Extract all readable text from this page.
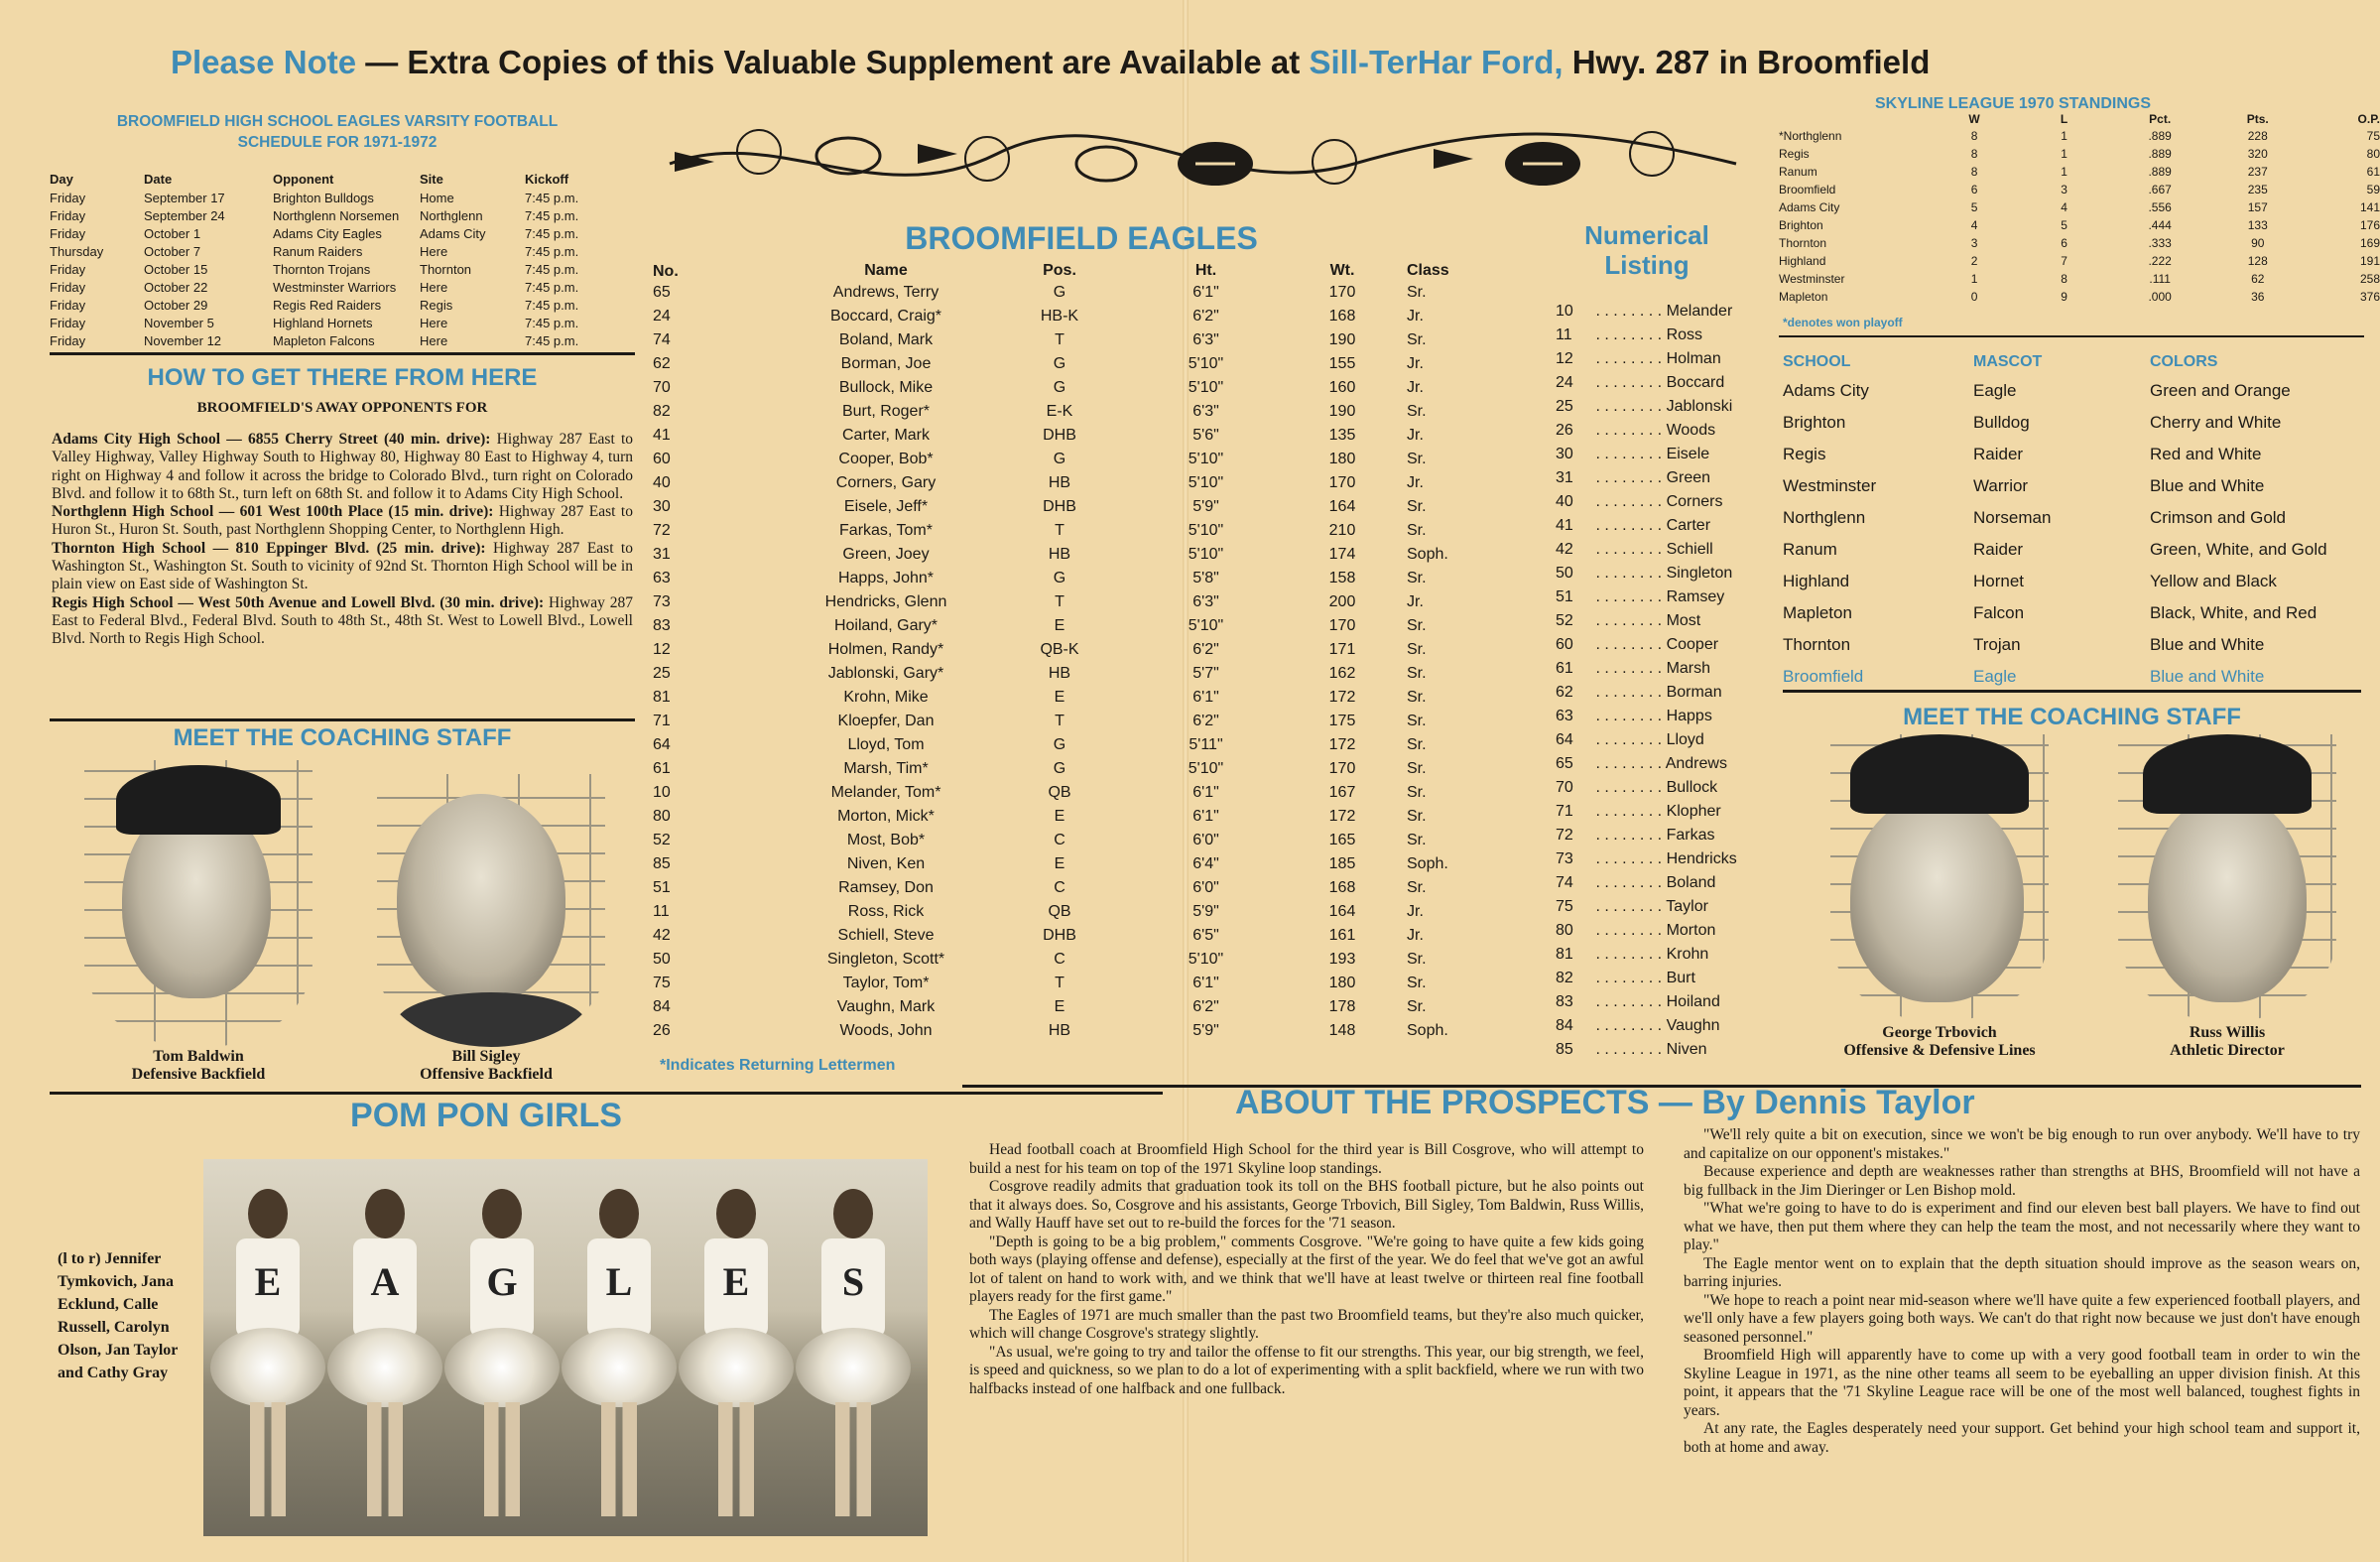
Please Note — Extra Copies of this Valuable Supplement are Available at Sill-TerHar Ford, Hwy. 287 in Broomfield
BROOMFIELD HIGH SCHOOL EAGLES VARSITY FOOTBALL
SCHEDULE FOR 1971-1972
Day	Date	Opponent	Site	Kickoff
Friday	September 17	Brighton Bulldogs	Home	7:45 p.m.
Friday	September 24	Northglenn Norsemen	Northglenn	7:45 p.m.
Friday	October 1	Adams City Eagles	Adams City	7:45 p.m.
Thursday	October 7	Ranum Raiders	Here	7:45 p.m.
Friday	October 15	Thornton Trojans	Thornton	7:45 p.m.
Friday	October 22	Westminster Warriors	Here	7:45 p.m.
Friday	October 29	Regis Red Raiders	Regis	7:45 p.m.
Friday	November 5	Highland Hornets	Here	7:45 p.m.
Friday	November 12	Mapleton Falcons	Here	7:45 p.m.
HOW TO GET THERE FROM HERE
BROOMFIELD'S AWAY OPPONENTS FOR
Adams City High School — 6855 Cherry Street (40 min. drive): Highway 287 East to Valley Highway, Valley Highway South to Highway 80, Highway 80 East to Highway 4, turn right on Highway 4 and follow it across the bridge to Colorado Blvd., turn right on Colorado Blvd. and follow it to 68th St., turn left on 68th St. and follow it to Adams City High School.
Northglenn High School — 601 West 100th Place (15 min. drive): Highway 287 East to Huron St., Huron St. South, past Northglenn Shopping Center, to Northglenn High.
Thornton High School — 810 Eppinger Blvd. (25 min. drive): Highway 287 East to Washington St., Washington St. South to vicinity of 92nd St. Thornton High School will be in plain view on East side of Washington St.
Regis High School — West 50th Avenue and Lowell Blvd. (30 min. drive): Highway 287 East to Federal Blvd., Federal Blvd. South to 48th St., 48th St. West to Lowell Blvd., Lowell Blvd. North to Regis High School.
MEET THE COACHING STAFF
Tom Baldwin
Defensive Backfield
Bill Sigley
Offensive Backfield
POM PON GIRLS
(l to r) Jennifer Tymkovich, Jana Ecklund, Calle Russell, Carolyn Olson, Jan Taylor and Cathy Gray
E	A	G	L	E	S
BROOMFIELD EAGLES
No.	Name	Pos.	Ht.	Wt.	Class
65	Andrews, Terry	G	6'1"	170	Sr.
24	Boccard, Craig*	HB-K	6'2"	168	Jr.
74	Boland, Mark	T	6'3"	190	Sr.
62	Borman, Joe	G	5'10"	155	Jr.
70	Bullock, Mike	G	5'10"	160	Jr.
82	Burt, Roger*	E-K	6'3"	190	Sr.
41	Carter, Mark	DHB	5'6"	135	Jr.
60	Cooper, Bob*	G	5'10"	180	Sr.
40	Corners, Gary	HB	5'10"	170	Jr.
30	Eisele, Jeff*	DHB	5'9"	164	Sr.
72	Farkas, Tom*	T	5'10"	210	Sr.
31	Green, Joey	HB	5'10"	174	Soph.
63	Happs, John*	G	5'8"	158	Sr.
73	Hendricks, Glenn	T	6'3"	200	Jr.
83	Hoiland, Gary*	E	5'10"	170	Sr.
12	Holmen, Randy*	QB-K	6'2"	171	Sr.
25	Jablonski, Gary*	HB	5'7"	162	Sr.
81	Krohn, Mike	E	6'1"	172	Sr.
71	Kloepfer, Dan	T	6'2"	175	Sr.
64	Lloyd, Tom	G	5'11"	172	Sr.
61	Marsh, Tim*	G	5'10"	170	Sr.
10	Melander, Tom*	QB	6'1"	167	Sr.
80	Morton, Mick*	E	6'1"	172	Sr.
52	Most, Bob*	C	6'0"	165	Sr.
85	Niven, Ken	E	6'4"	185	Soph.
51	Ramsey, Don	C	6'0"	168	Sr.
11	Ross, Rick	QB	5'9"	164	Jr.
42	Schiell, Steve	DHB	6'5"	161	Jr.
50	Singleton, Scott*	C	5'10"	193	Sr.
75	Taylor, Tom*	T	6'1"	180	Sr.
84	Vaughn, Mark	E	6'2"	178	Sr.
26	Woods, John	HB	5'9"	148	Soph.
*Indicates Returning Lettermen
Numerical
Listing
10 . . . . . . . . Melander
11 . . . . . . . . Ross
12 . . . . . . . . Holman
24 . . . . . . . . Boccard
25 . . . . . . . . Jablonski
26 . . . . . . . . Woods
30 . . . . . . . . Eisele
31 . . . . . . . . Green
40 . . . . . . . . Corners
41 . . . . . . . . Carter
42 . . . . . . . . Schiell
50 . . . . . . . . Singleton
51 . . . . . . . . Ramsey
52 . . . . . . . . Most
60 . . . . . . . . Cooper
61 . . . . . . . . Marsh
62 . . . . . . . . Borman
63 . . . . . . . . Happs
64 . . . . . . . . Lloyd
65 . . . . . . . . Andrews
70 . . . . . . . . Bullock
71 . . . . . . . . Klopher
72 . . . . . . . . Farkas
73 . . . . . . . . Hendricks
74 . . . . . . . . Boland
75 . . . . . . . . Taylor
80 . . . . . . . . Morton
81 . . . . . . . . Krohn
82 . . . . . . . . Burt
83 . . . . . . . . Hoiland
84 . . . . . . . . Vaughn
85 . . . . . . . . Niven
SKYLINE LEAGUE 1970 STANDINGS
	W	L	Pct.	Pts.	O.P.
*Northglenn	8	1	.889	228	75
Regis	8	1	.889	320	80
Ranum	8	1	.889	237	61
Broomfield	6	3	.667	235	59
Adams City	5	4	.556	157	141
Brighton	4	5	.444	133	176
Thornton	3	6	.333	90	169
Highland	2	7	.222	128	191
Westminster	1	8	.111	62	258
Mapleton	0	9	.000	36	376
*denotes won playoff
SCHOOL	MASCOT	COLORS
Adams City	Eagle	Green and Orange
Brighton	Bulldog	Cherry and White
Regis	Raider	Red and White
Westminster	Warrior	Blue and White
Northglenn	Norseman	Crimson and Gold
Ranum	Raider	Green, White, and Gold
Highland	Hornet	Yellow and Black
Mapleton	Falcon	Black, White, and Red
Thornton	Trojan	Blue and White
Broomfield	Eagle	Blue and White
MEET THE COACHING STAFF
George Trbovich
Offensive & Defensive Lines
Russ Willis
Athletic Director
ABOUT THE PROSPECTS — By Dennis Taylor

Head football coach at Broomfield High School for the third year is Bill Cosgrove, who will attempt to build a nest for his team on top of the 1971 Skyline loop standings.

Cosgrove readily admits that graduation took its toll on the BHS football picture, but he also points out that it always does. So, Cosgrove and his assistants, George Trbovich, Bill Sigley, Tom Baldwin, Russ Willis, and Wally Hauff have set out to re-build the forces for the '71 season.

"Depth is going to be a big problem," comments Cosgrove. "We're going to have quite a few kids going both ways (playing offense and defense), especially at the first of the year. We do feel that we've got an awful lot of talent on hand to work with, and we think that we'll have at least twelve or thirteen real fine football players ready for the first game."

The Eagles of 1971 are much smaller than the past two Broomfield teams, but they're also much quicker, which will change Cosgrove's strategy slightly.

"As usual, we're going to try and tailor the offense to fit our strengths. This year, our big strength, we feel, is speed and quickness, so we plan to do a lot of experimenting with a split backfield, where we run with two halfbacks instead of one halfback and one fullback.

"We'll rely quite a bit on execution, since we won't be big enough to run over anybody. We'll have to try and capitalize on our opponent's mistakes."

Because experience and depth are weaknesses rather than strengths at BHS, Broomfield will not have a big fullback in the Jim Dieringer or Len Bishop mold.

"What we're going to have to do is experiment and find our eleven best ball players. We have to find out what we have, then put them where they can help the team the most, and not necessarily where they want to play."

The Eagle mentor went on to explain that the depth situation should improve as the season wears on, barring injuries.

"We hope to reach a point near mid-season where we'll have quite a few experienced football players, and we'll only have a few players going both ways. We can't do that right now because we just don't have enough seasoned personnel."

Broomfield High will apparently have to come up with a very good football team in order to win the Skyline League in 1971, as the nine other teams all seem to be eyeballing an upper division finish. At this point, it appears that the '71 Skyline League race will be one of the most well balanced, toughest fights in years.

At any rate, the Eagles desperately need your support. Get behind your high school team and support it, both at home and away.
